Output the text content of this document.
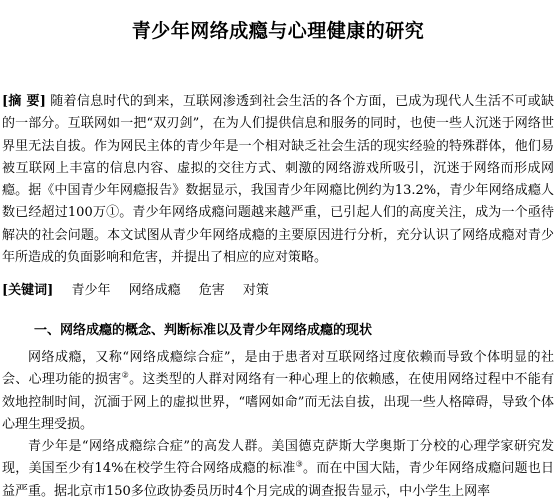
青少年网络成瘾与心理健康的研究

[摘 要] 随着信息时代的到来，互联网渗透到社会生活的各个方面，已成为现代人生活不可或缺的一部分。互联网如一把“双刃剑”，在为人们提供信息和服务的同时，也使一些人沉迷于网络世界里无法自拔。作为网民主体的青少年是一个相对缺乏社会生活的现实经验的特殊群体，他们易被互联网上丰富的信息内容、虚拟的交往方式、刺激的网络游戏所吸引，沉迷于网络而形成网瘾。据《中国青少年网瘾报告》数据显示，我国青少年网瘾比例约为13.2%，青少年网络成瘾人数已经超过100万①。青少年网络成瘾问题越来越严重，已引起人们的高度关注，成为一个亟待解决的社会问题。本文试图从青少年网络成瘾的主要原因进行分析，充分认识了网络成瘾对青少年所造成的负面影响和危害，并提出了相应的应对策略。

[关键词] 青少年 网络成瘾 危害 对策

一、网络成瘾的概念、判断标准以及青少年网络成瘾的现状

网络成瘾，又称“网络成瘾综合症”，是由于患者对互联网络过度依赖而导致个体明显的社会、心理功能的损害②。这类型的人群对网络有一种心理上的依赖感，在使用网络过程中不能有效地控制时间，沉湎于网上的虚拟世界，“嗜网如命”而无法自拔，出现一些人格障碍，导致个体心理生理受损。

青少年是“网络成瘾综合症”的高发人群。美国德克萨斯大学奥斯丁分校的心理学家研究发现，美国至少有14%在校学生符合网络成瘾的标准③。而在中国大陆，青少年网络成瘾问题也日益严重。据北京市150多位政协委员历时4个月完成的调查报告显示，中小学生上网率
